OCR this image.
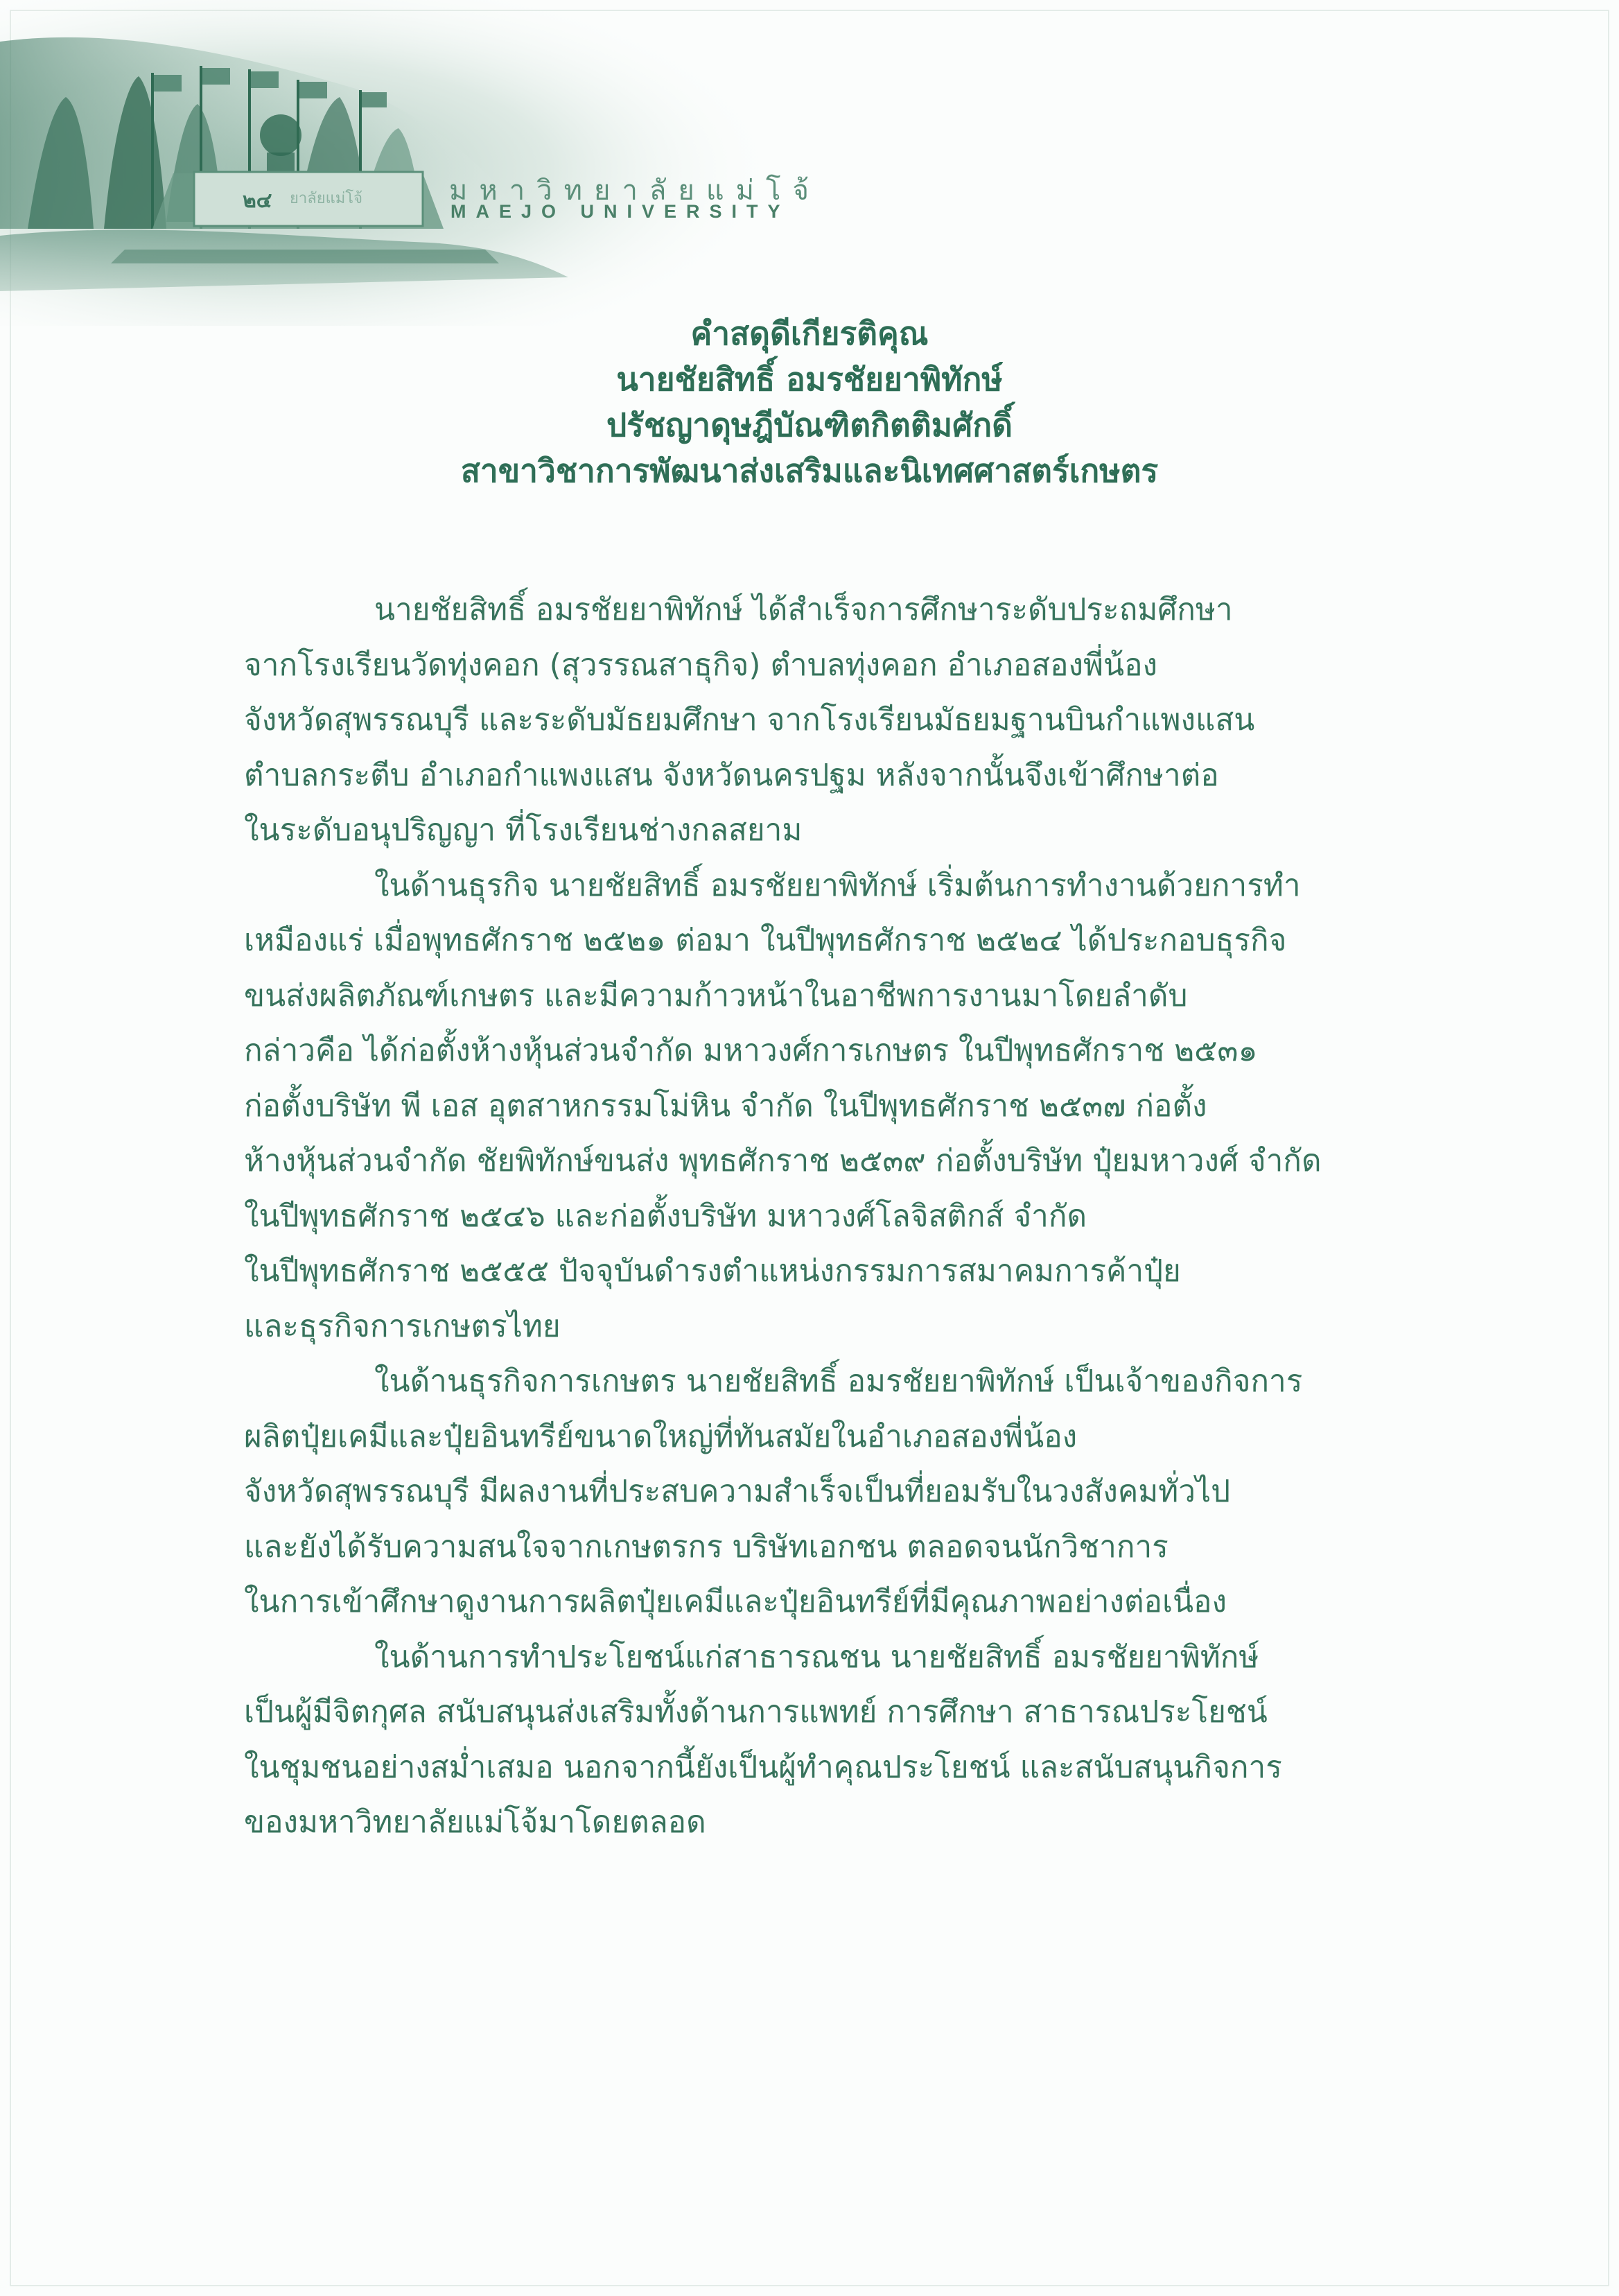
๒๔ ยาลัยแม่โจ้	มหาวิทยาลัยแม่โจ้
MAEJO UNIVERSITY
คำสดุดีเกียรติคุณ
นายชัยสิทธิ์ อมรชัยยาพิทักษ์
ปรัชญาดุษฎีบัณฑิตกิตติมศักดิ์
สาขาวิชาการพัฒนาส่งเสริมและนิเทศศาสตร์เกษตร
นายชัยสิทธิ์ อมรชัยยาพิทักษ์ ได้สำเร็จการศึกษาระดับประถมศึกษา
จากโรงเรียนวัดทุ่งคอก (สุวรรณสาธุกิจ) ตำบลทุ่งคอก อำเภอสองพี่น้อง
จังหวัดสุพรรณบุรี และระดับมัธยมศึกษา จากโรงเรียนมัธยมฐานบินกำแพงแสน
ตำบลกระตีบ อำเภอกำแพงแสน จังหวัดนครปฐม หลังจากนั้นจึงเข้าศึกษาต่อ
ในระดับอนุปริญญา ที่โรงเรียนช่างกลสยาม
ในด้านธุรกิจ นายชัยสิทธิ์ อมรชัยยาพิทักษ์ เริ่มต้นการทำงานด้วยการทำ
เหมืองแร่ เมื่อพุทธศักราช ๒๕๒๑ ต่อมา ในปีพุทธศักราช ๒๕๒๔ ได้ประกอบธุรกิจ
ขนส่งผลิตภัณฑ์เกษตร และมีความก้าวหน้าในอาชีพการงานมาโดยลำดับ
กล่าวคือ ได้ก่อตั้งห้างหุ้นส่วนจำกัด มหาวงศ์การเกษตร ในปีพุทธศักราช ๒๕๓๑
ก่อตั้งบริษัท พี เอส อุตสาหกรรมโม่หิน จำกัด ในปีพุทธศักราช ๒๕๓๗ ก่อตั้ง
ห้างหุ้นส่วนจำกัด ชัยพิทักษ์ขนส่ง พุทธศักราช ๒๕๓๙ ก่อตั้งบริษัท ปุ๋ยมหาวงศ์ จำกัด
ในปีพุทธศักราช ๒๕๔๖ และก่อตั้งบริษัท มหาวงศ์โลจิสติกส์ จำกัด
ในปีพุทธศักราช ๒๕๕๕ ปัจจุบันดำรงตำแหน่งกรรมการสมาคมการค้าปุ๋ย
และธุรกิจการเกษตรไทย
ในด้านธุรกิจการเกษตร นายชัยสิทธิ์ อมรชัยยาพิทักษ์ เป็นเจ้าของกิจการ
ผลิตปุ๋ยเคมีและปุ๋ยอินทรีย์ขนาดใหญ่ที่ทันสมัยในอำเภอสองพี่น้อง
จังหวัดสุพรรณบุรี มีผลงานที่ประสบความสำเร็จเป็นที่ยอมรับในวงสังคมทั่วไป
และยังได้รับความสนใจจากเกษตรกร บริษัทเอกชน ตลอดจนนักวิชาการ
ในการเข้าศึกษาดูงานการผลิตปุ๋ยเคมีและปุ๋ยอินทรีย์ที่มีคุณภาพอย่างต่อเนื่อง
ในด้านการทำประโยชน์แก่สาธารณชน นายชัยสิทธิ์ อมรชัยยาพิทักษ์
เป็นผู้มีจิตกุศล สนับสนุนส่งเสริมทั้งด้านการแพทย์ การศึกษา สาธารณประโยชน์
ในชุมชนอย่างสม่ำเสมอ นอกจากนี้ยังเป็นผู้ทำคุณประโยชน์ และสนับสนุนกิจการ
ของมหาวิทยาลัยแม่โจ้มาโดยตลอด
